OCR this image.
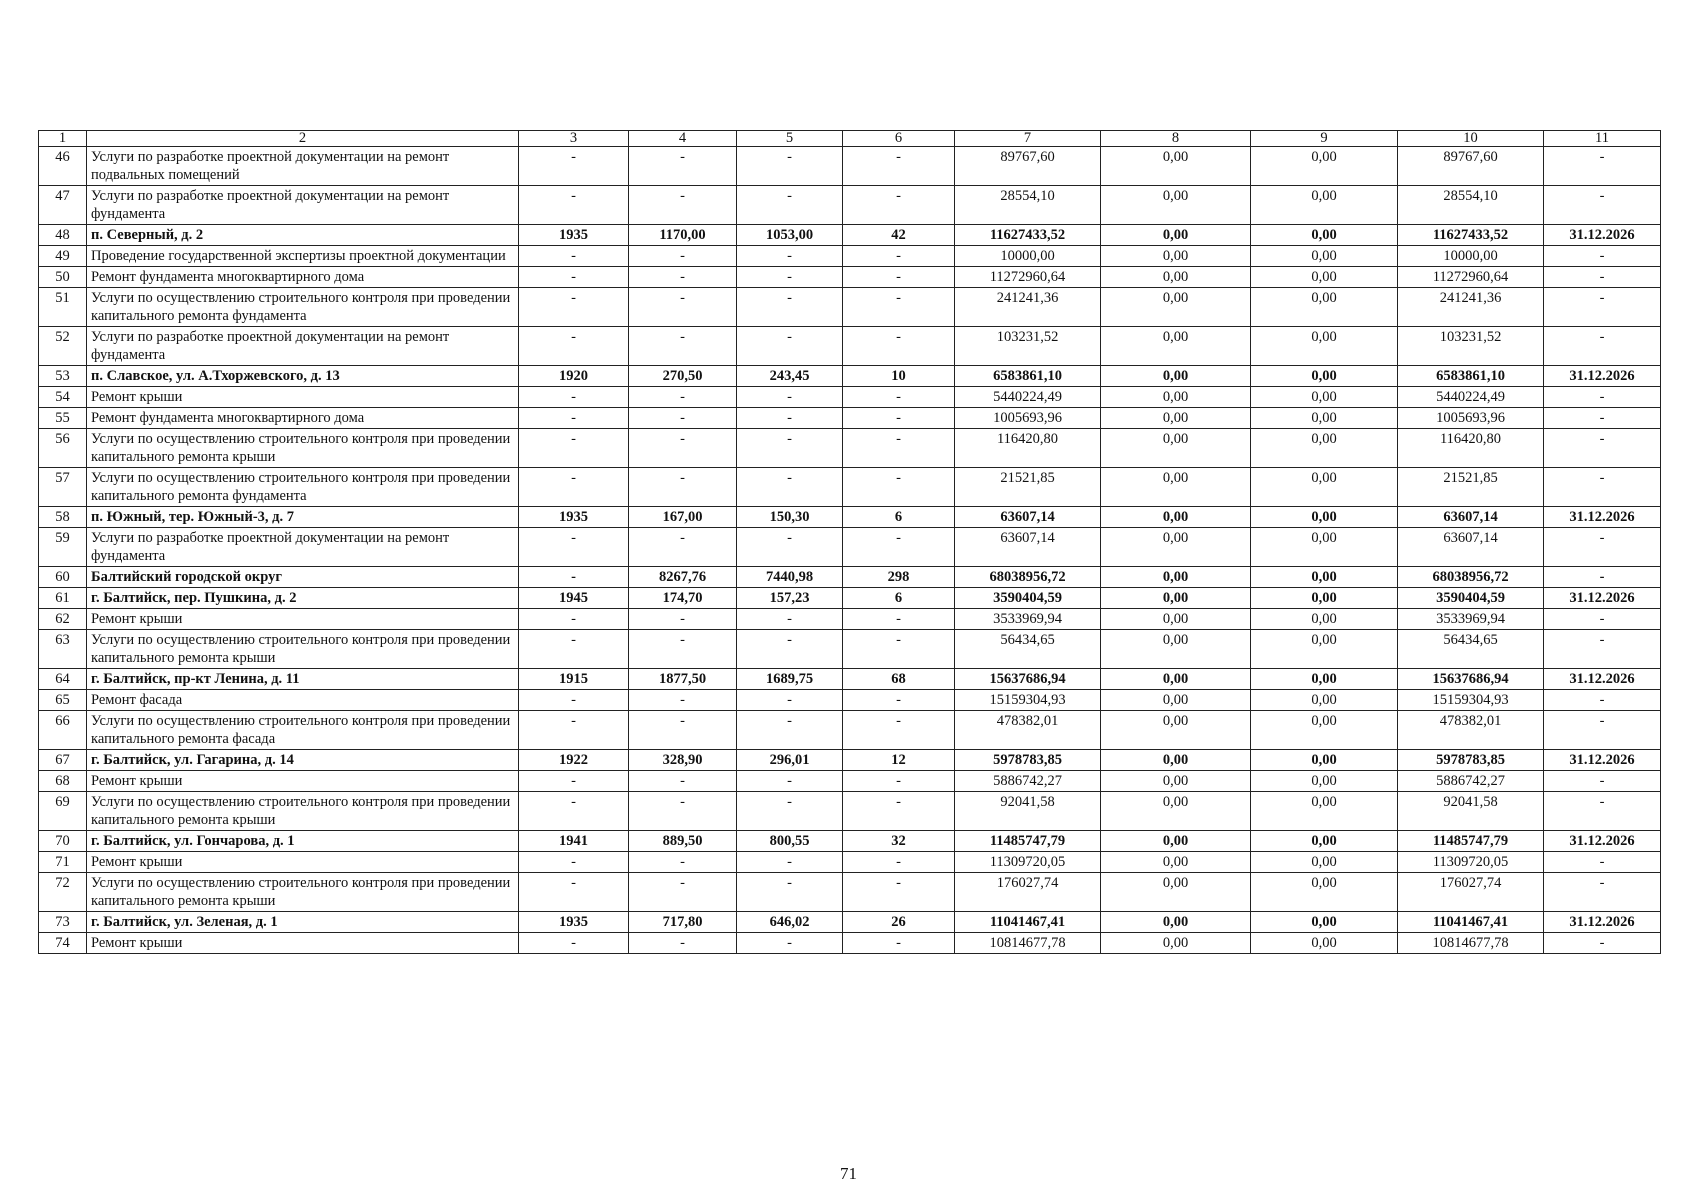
1	2	3	4	5	6	7	8	9	10	11
46	Услуги по разработке проектной документации на ремонт подвальных помещений	-	-	-	-	89767,60	0,00	0,00	89767,60	-
47	Услуги по разработке проектной документации на ремонт фундамента	-	-	-	-	28554,10	0,00	0,00	28554,10	-
48	п. Северный, д. 2	1935	1170,00	1053,00	42	11627433,52	0,00	0,00	11627433,52	31.12.2026
49	Проведение государственной экспертизы проектной документации	-	-	-	-	10000,00	0,00	0,00	10000,00	-
50	Ремонт фундамента многоквартирного дома	-	-	-	-	11272960,64	0,00	0,00	11272960,64	-
51	Услуги по осуществлению строительного контроля при проведении капитального ремонта фундамента	-	-	-	-	241241,36	0,00	0,00	241241,36	-
52	Услуги по разработке проектной документации на ремонт фундамента	-	-	-	-	103231,52	0,00	0,00	103231,52	-
53	п. Славское, ул. А.Тхоржевского, д. 13	1920	270,50	243,45	10	6583861,10	0,00	0,00	6583861,10	31.12.2026
54	Ремонт крыши	-	-	-	-	5440224,49	0,00	0,00	5440224,49	-
55	Ремонт фундамента многоквартирного дома	-	-	-	-	1005693,96	0,00	0,00	1005693,96	-
56	Услуги по осуществлению строительного контроля при проведении капитального ремонта крыши	-	-	-	-	116420,80	0,00	0,00	116420,80	-
57	Услуги по осуществлению строительного контроля при проведении капитального ремонта фундамента	-	-	-	-	21521,85	0,00	0,00	21521,85	-
58	п. Южный, тер. Южный-3, д. 7	1935	167,00	150,30	6	63607,14	0,00	0,00	63607,14	31.12.2026
59	Услуги по разработке проектной документации на ремонт фундамента	-	-	-	-	63607,14	0,00	0,00	63607,14	-
60	Балтийский городской округ	-	8267,76	7440,98	298	68038956,72	0,00	0,00	68038956,72	-
61	г. Балтийск, пер. Пушкина, д. 2	1945	174,70	157,23	6	3590404,59	0,00	0,00	3590404,59	31.12.2026
62	Ремонт крыши	-	-	-	-	3533969,94	0,00	0,00	3533969,94	-
63	Услуги по осуществлению строительного контроля при проведении капитального ремонта крыши	-	-	-	-	56434,65	0,00	0,00	56434,65	-
64	г. Балтийск, пр-кт Ленина, д. 11	1915	1877,50	1689,75	68	15637686,94	0,00	0,00	15637686,94	31.12.2026
65	Ремонт фасада	-	-	-	-	15159304,93	0,00	0,00	15159304,93	-
66	Услуги по осуществлению строительного контроля при проведении капитального ремонта фасада	-	-	-	-	478382,01	0,00	0,00	478382,01	-
67	г. Балтийск, ул. Гагарина, д. 14	1922	328,90	296,01	12	5978783,85	0,00	0,00	5978783,85	31.12.2026
68	Ремонт крыши	-	-	-	-	5886742,27	0,00	0,00	5886742,27	-
69	Услуги по осуществлению строительного контроля при проведении капитального ремонта крыши	-	-	-	-	92041,58	0,00	0,00	92041,58	-
70	г. Балтийск, ул. Гончарова, д. 1	1941	889,50	800,55	32	11485747,79	0,00	0,00	11485747,79	31.12.2026
71	Ремонт крыши	-	-	-	-	11309720,05	0,00	0,00	11309720,05	-
72	Услуги по осуществлению строительного контроля при проведении капитального ремонта крыши	-	-	-	-	176027,74	0,00	0,00	176027,74	-
73	г. Балтийск, ул. Зеленая, д. 1	1935	717,80	646,02	26	11041467,41	0,00	0,00	11041467,41	31.12.2026
74	Ремонт крыши	-	-	-	-	10814677,78	0,00	0,00	10814677,78	-
71
